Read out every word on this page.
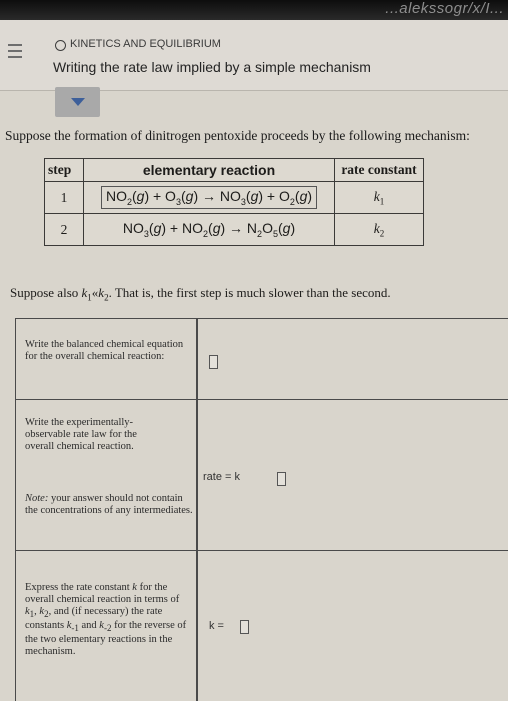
...alekssogr/x/I...
KINETICS AND EQUILIBRIUM
Writing the rate law implied by a simple mechanism
Suppose the formation of dinitrogen pentoxide proceeds by the following mechanism:
step	elementary reaction	rate constant
1	$NO_2(g) + O_3(g) \to NO_3(g) + O_2(g)$	$k_1$
2	$NO_3(g) + NO_2(g) \to N_2O_5(g)$	$k_2$
Suppose also $k_1«k_2$. That is, the first step is much slower than the second.
Write the balanced chemical equation for the overall chemical reaction:
Write the experimentally-observable rate law for the overall chemical reaction.
rate = k
Note: your answer should not contain the concentrations of any intermediates.
Express the rate constant k for the overall chemical reaction in terms of $k_1$, $k_2$, and (if necessary) the rate constants $k_{-1}$ and $k_{-2}$ for the reverse of the two elementary reactions in the mechanism.
k =
